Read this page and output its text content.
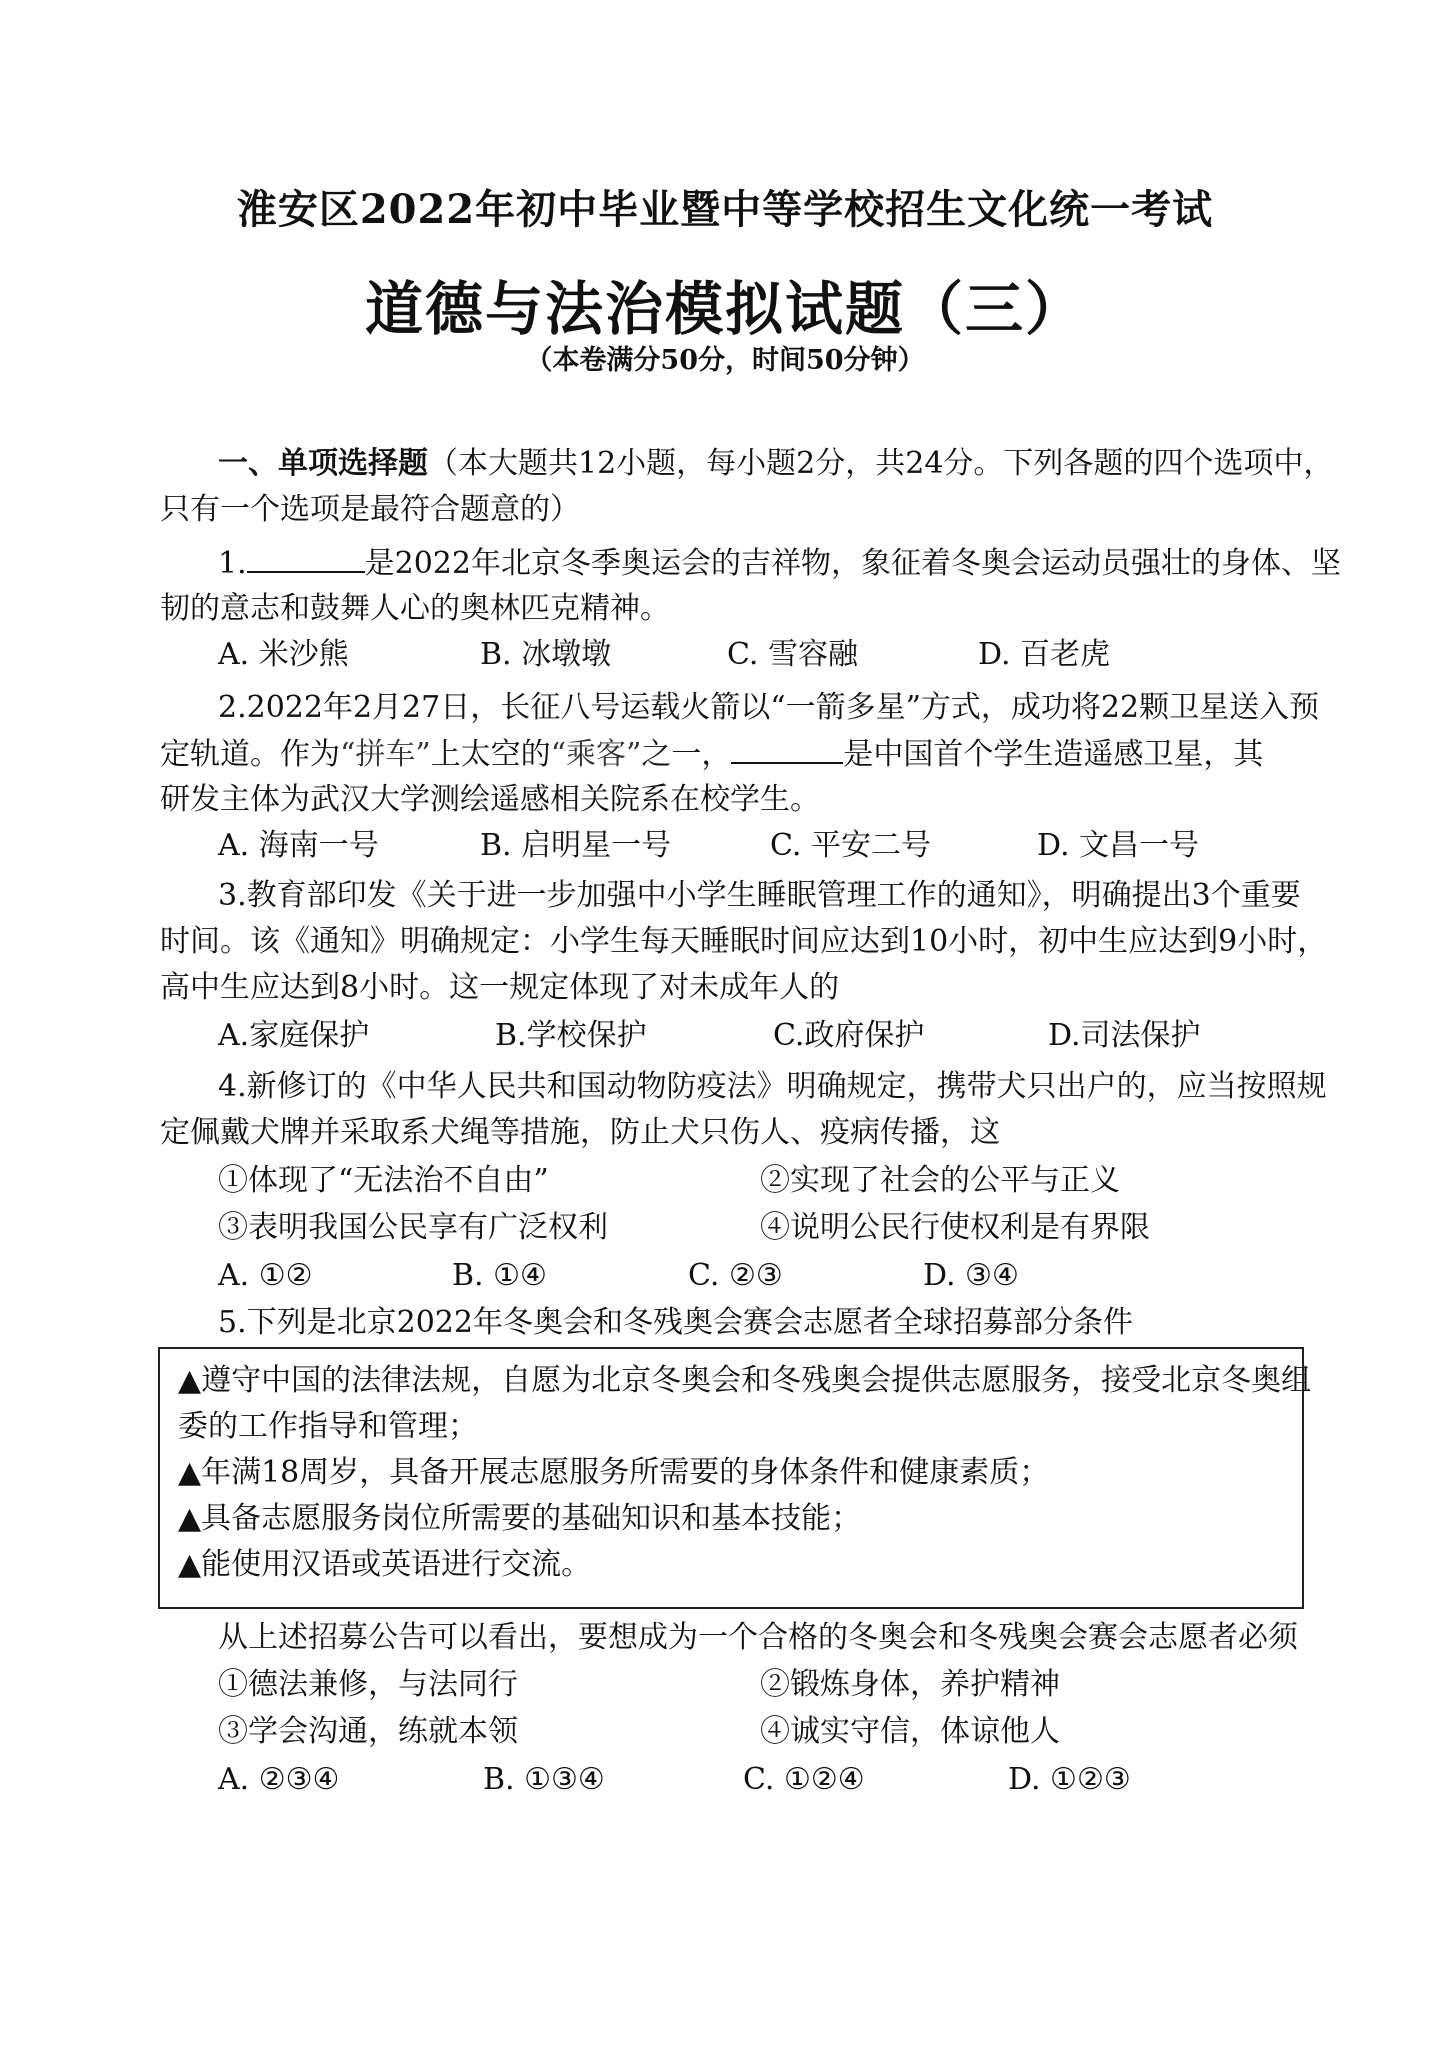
淮安区2022年初中毕业暨中等学校招生文化统一考试
道德与法治模拟试题（三）
（本卷满分50分，时间50分钟）
一、单项选择题（本大题共12小题，每小题2分，共24分。下列各题的四个选项中，
只有一个选项是最符合题意的）
1.	是2022年北京冬季奥运会的吉祥物，象征着冬奥会运动员强壮的身体、坚
韧的意志和鼓舞人心的奥林匹克精神。
A. 米沙熊	B. 冰墩墩	C. 雪容融	D. 百老虎
2.2022年2月27日，长征八号运载火箭以“一箭多星”方式，成功将22颗卫星送入预
定轨道。作为“拼车”上太空的“乘客”之一，	是中国首个学生造遥感卫星，其
研发主体为武汉大学测绘遥感相关院系在校学生。
A. 海南一号	B. 启明星一号	C. 平安二号	D. 文昌一号
3.教育部印发《关于进一步加强中小学生睡眠管理工作的通知》，明确提出3个重要
时间。该《通知》明确规定：小学生每天睡眠时间应达到10小时，初中生应达到9小时，
高中生应达到8小时。这一规定体现了对未成年人的
A.家庭保护	B.学校保护	C.政府保护	D.司法保护
4.新修订的《中华人民共和国动物防疫法》明确规定，携带犬只出户的，应当按照规
定佩戴犬牌并采取系犬绳等措施，防止犬只伤人、疫病传播，这
①体现了“无法治不自由”	②实现了社会的公平与正义
③表明我国公民享有广泛权利	④说明公民行使权利是有界限
A. ①②	B. ①④	C. ②③	D. ③④
5.下列是北京2022年冬奥会和冬残奥会赛会志愿者全球招募部分条件
▲遵守中国的法律法规，自愿为北京冬奥会和冬残奥会提供志愿服务，接受北京冬奥组
委的工作指导和管理；
▲年满18周岁，具备开展志愿服务所需要的身体条件和健康素质；
▲具备志愿服务岗位所需要的基础知识和基本技能；
▲能使用汉语或英语进行交流。
从上述招募公告可以看出，要想成为一个合格的冬奥会和冬残奥会赛会志愿者必须
①德法兼修，与法同行	②锻炼身体，养护精神
③学会沟通，练就本领	④诚实守信，体谅他人
A. ②③④	B. ①③④	C. ①②④	D. ①②③
